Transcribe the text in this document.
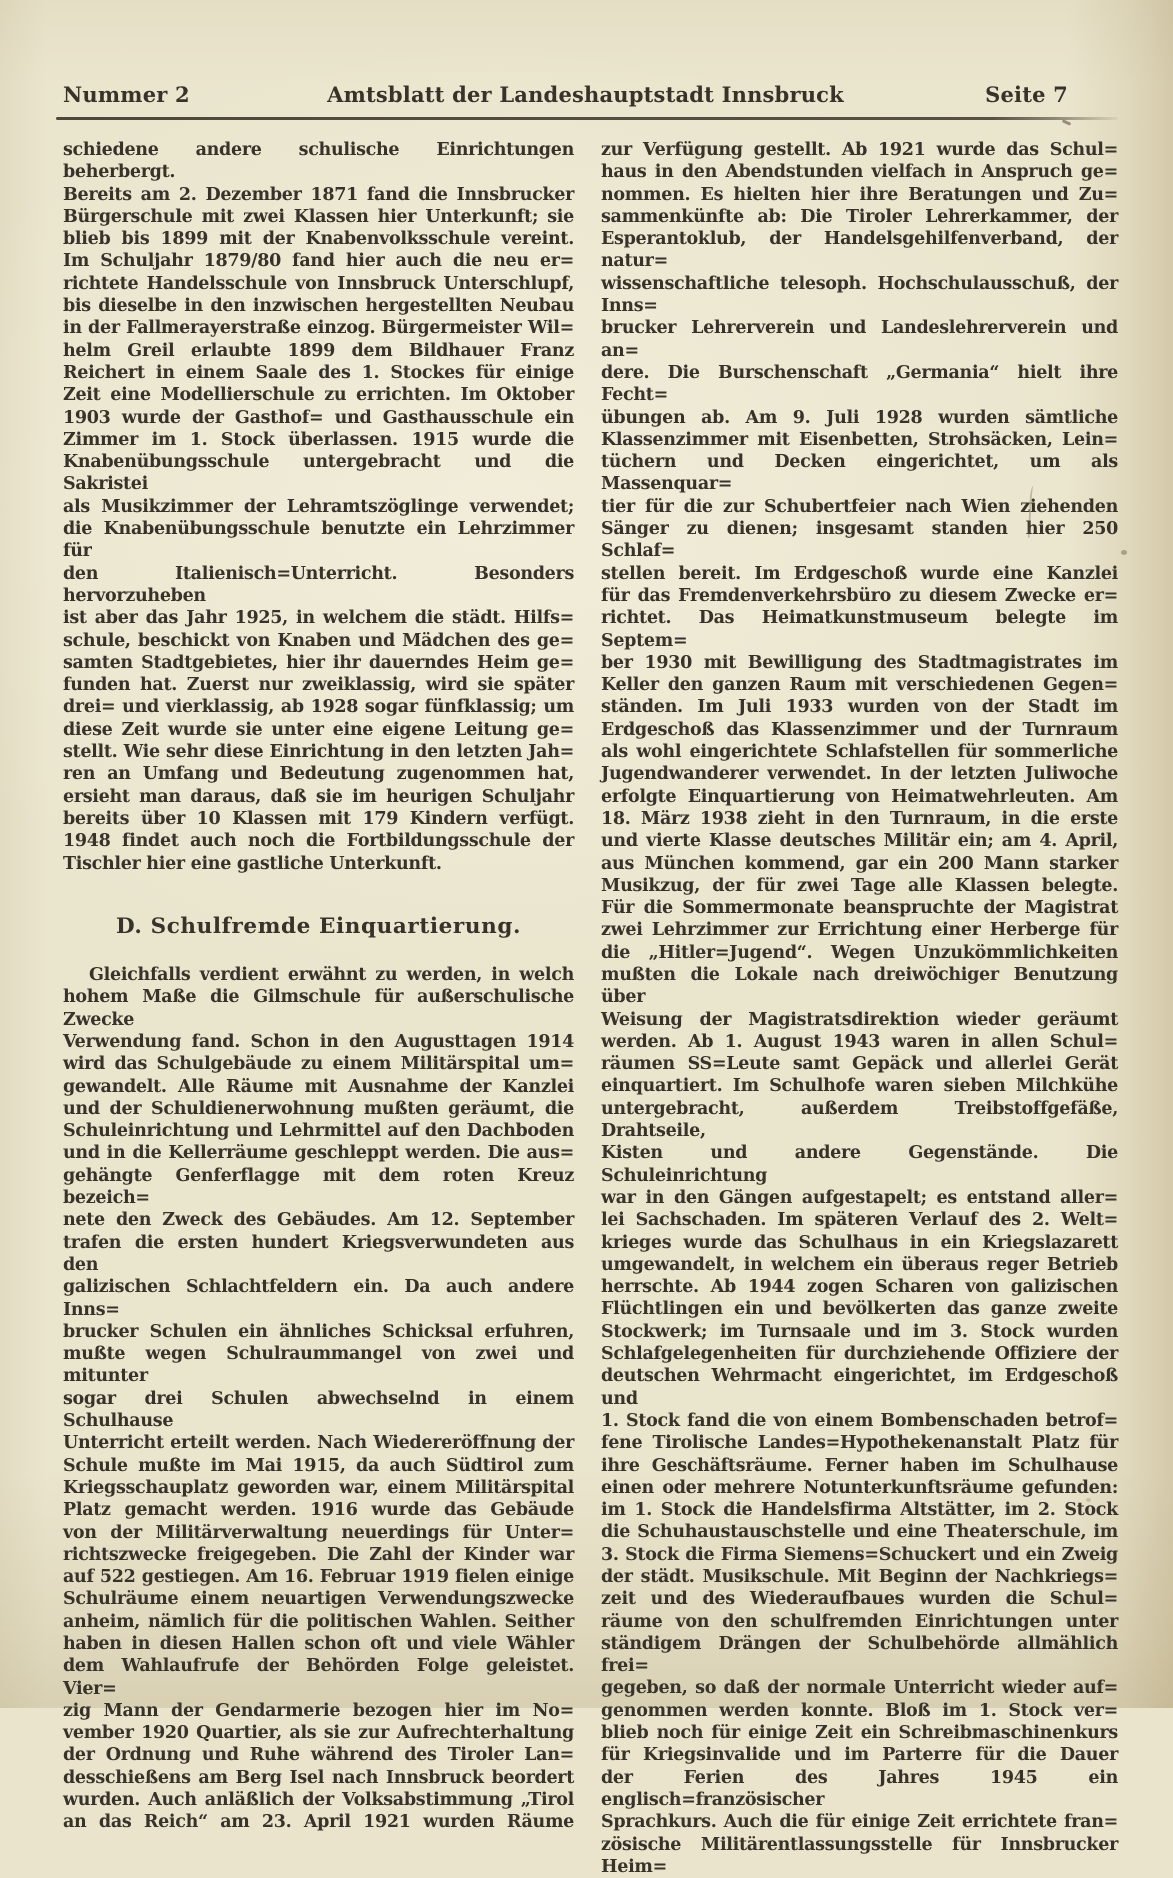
Nummer 2	Amtsblatt der Landeshauptstadt Innsbruck	Seite 7
schiedene andere schulische Einrichtungen beherbergt.
Bereits am 2. Dezember 1871 fand die Innsbrucker
Bürgerschule mit zwei Klassen hier Unterkunft; sie
blieb bis 1899 mit der Knabenvolksschule vereint.
Im Schuljahr 1879/80 fand hier auch die neu er=
richtete Handelsschule von Innsbruck Unterschlupf,
bis dieselbe in den inzwischen hergestellten Neubau
in der Fallmerayerstraße einzog. Bürgermeister Wil=
helm Greil erlaubte 1899 dem Bildhauer Franz
Reichert in einem Saale des 1. Stockes für einige
Zeit eine Modellierschule zu errichten. Im Oktober
1903 wurde der Gasthof= und Gasthausschule ein
Zimmer im 1. Stock überlassen. 1915 wurde die
Knabenübungsschule untergebracht und die Sakristei
als Musikzimmer der Lehramtszöglinge verwendet;
die Knabenübungsschule benutzte ein Lehrzimmer für
den Italienisch=Unterricht. Besonders hervorzuheben
ist aber das Jahr 1925, in welchem die städt. Hilfs=
schule, beschickt von Knaben und Mädchen des ge=
samten Stadtgebietes, hier ihr dauerndes Heim ge=
funden hat. Zuerst nur zweiklassig, wird sie später
drei= und vierklassig, ab 1928 sogar fünfklassig; um
diese Zeit wurde sie unter eine eigene Leitung ge=
stellt. Wie sehr diese Einrichtung in den letzten Jah=
ren an Umfang und Bedeutung zugenommen hat,
ersieht man daraus, daß sie im heurigen Schuljahr
bereits über 10 Klassen mit 179 Kindern verfügt.
1948 findet auch noch die Fortbildungsschule der
Tischler hier eine gastliche Unterkunft.
D. Schulfremde Einquartierung.
Gleichfalls verdient erwähnt zu werden, in welch
hohem Maße die Gilmschule für außerschulische Zwecke
Verwendung fand. Schon in den Augusttagen 1914
wird das Schulgebäude zu einem Militärspital um=
gewandelt. Alle Räume mit Ausnahme der Kanzlei
und der Schuldienerwohnung mußten geräumt, die
Schuleinrichtung und Lehrmittel auf den Dachboden
und in die Kellerräume geschleppt werden. Die aus=
gehängte Genferflagge mit dem roten Kreuz bezeich=
nete den Zweck des Gebäudes. Am 12. September
trafen die ersten hundert Kriegsverwundeten aus den
galizischen Schlachtfeldern ein. Da auch andere Inns=
brucker Schulen ein ähnliches Schicksal erfuhren,
mußte wegen Schulraummangel von zwei und mitunter
sogar drei Schulen abwechselnd in einem Schulhause
Unterricht erteilt werden. Nach Wiedereröffnung der
Schule mußte im Mai 1915, da auch Südtirol zum
Kriegsschauplatz geworden war, einem Militärspital
Platz gemacht werden. 1916 wurde das Gebäude
von der Militärverwaltung neuerdings für Unter=
richtszwecke freigegeben. Die Zahl der Kinder war
auf 522 gestiegen. Am 16. Februar 1919 fielen einige
Schulräume einem neuartigen Verwendungszwecke
anheim, nämlich für die politischen Wahlen. Seither
haben in diesen Hallen schon oft und viele Wähler
dem Wahlaufrufe der Behörden Folge geleistet. Vier=
zig Mann der Gendarmerie bezogen hier im No=
vember 1920 Quartier, als sie zur Aufrechterhaltung
der Ordnung und Ruhe während des Tiroler Lan=
desschießens am Berg Isel nach Innsbruck beordert
wurden. Auch anläßlich der Volksabstimmung „Tirol
an das Reich“ am 23. April 1921 wurden Räume
zur Verfügung gestellt. Ab 1921 wurde das Schul=
haus in den Abendstunden vielfach in Anspruch ge=
nommen. Es hielten hier ihre Beratungen und Zu=
sammenkünfte ab: Die Tiroler Lehrerkammer, der
Esperantoklub, der Handelsgehilfenverband, der natur=
wissenschaftliche telesoph. Hochschulausschuß, der Inns=
brucker Lehrerverein und Landeslehrerverein und an=
dere. Die Burschenschaft „Germania“ hielt ihre Fecht=
übungen ab. Am 9. Juli 1928 wurden sämtliche
Klassenzimmer mit Eisenbetten, Strohsäcken, Lein=
tüchern und Decken eingerichtet, um als Massenquar=
tier für die zur Schubertfeier nach Wien ziehenden
Sänger zu dienen; insgesamt standen hier 250 Schlaf=
stellen bereit. Im Erdgeschoß wurde eine Kanzlei
für das Fremdenverkehrsbüro zu diesem Zwecke er=
richtet. Das Heimatkunstmuseum belegte im Septem=
ber 1930 mit Bewilligung des Stadtmagistrates im
Keller den ganzen Raum mit verschiedenen Gegen=
ständen. Im Juli 1933 wurden von der Stadt im
Erdgeschoß das Klassenzimmer und der Turnraum
als wohl eingerichtete Schlafstellen für sommerliche
Jugendwanderer verwendet. In der letzten Juliwoche
erfolgte Einquartierung von Heimatwehrleuten. Am
18. März 1938 zieht in den Turnraum, in die erste
und vierte Klasse deutsches Militär ein; am 4. April,
aus München kommend, gar ein 200 Mann starker
Musikzug, der für zwei Tage alle Klassen belegte.
Für die Sommermonate beanspruchte der Magistrat
zwei Lehrzimmer zur Errichtung einer Herberge für
die „Hitler=Jugend“. Wegen Unzukömmlichkeiten
mußten die Lokale nach dreiwöchiger Benutzung über
Weisung der Magistratsdirektion wieder geräumt
werden. Ab 1. August 1943 waren in allen Schul=
räumen SS=Leute samt Gepäck und allerlei Gerät
einquartiert. Im Schulhofe waren sieben Milchkühe
untergebracht, außerdem Treibstoffgefäße, Drahtseile,
Kisten und andere Gegenstände. Die Schuleinrichtung
war in den Gängen aufgestapelt; es entstand aller=
lei Sachschaden. Im späteren Verlauf des 2. Welt=
krieges wurde das Schulhaus in ein Kriegslazarett
umgewandelt, in welchem ein überaus reger Betrieb
herrschte. Ab 1944 zogen Scharen von galizischen
Flüchtlingen ein und bevölkerten das ganze zweite
Stockwerk; im Turnsaale und im 3. Stock wurden
Schlafgelegenheiten für durchziehende Offiziere der
deutschen Wehrmacht eingerichtet, im Erdgeschoß und
1. Stock fand die von einem Bombenschaden betrof=
fene Tirolische Landes=Hypothekenanstalt Platz für
ihre Geschäftsräume. Ferner haben im Schulhause
einen oder mehrere Notunterkunftsräume gefunden:
im 1. Stock die Handelsfirma Altstätter, im 2. Stock
die Schuhaustauschstelle und eine Theaterschule, im
3. Stock die Firma Siemens=Schuckert und ein Zweig
der städt. Musikschule. Mit Beginn der Nachkriegs=
zeit und des Wiederaufbaues wurden die Schul=
räume von den schulfremden Einrichtungen unter
ständigem Drängen der Schulbehörde allmählich frei=
gegeben, so daß der normale Unterricht wieder auf=
genommen werden konnte. Bloß im 1. Stock ver=
blieb noch für einige Zeit ein Schreibmaschinenkurs
für Kriegsinvalide und im Parterre für die Dauer
der Ferien des Jahres 1945 ein englisch=französischer
Sprachkurs. Auch die für einige Zeit errichtete fran=
zösische Militärentlassungsstelle für Innsbrucker Heim=
